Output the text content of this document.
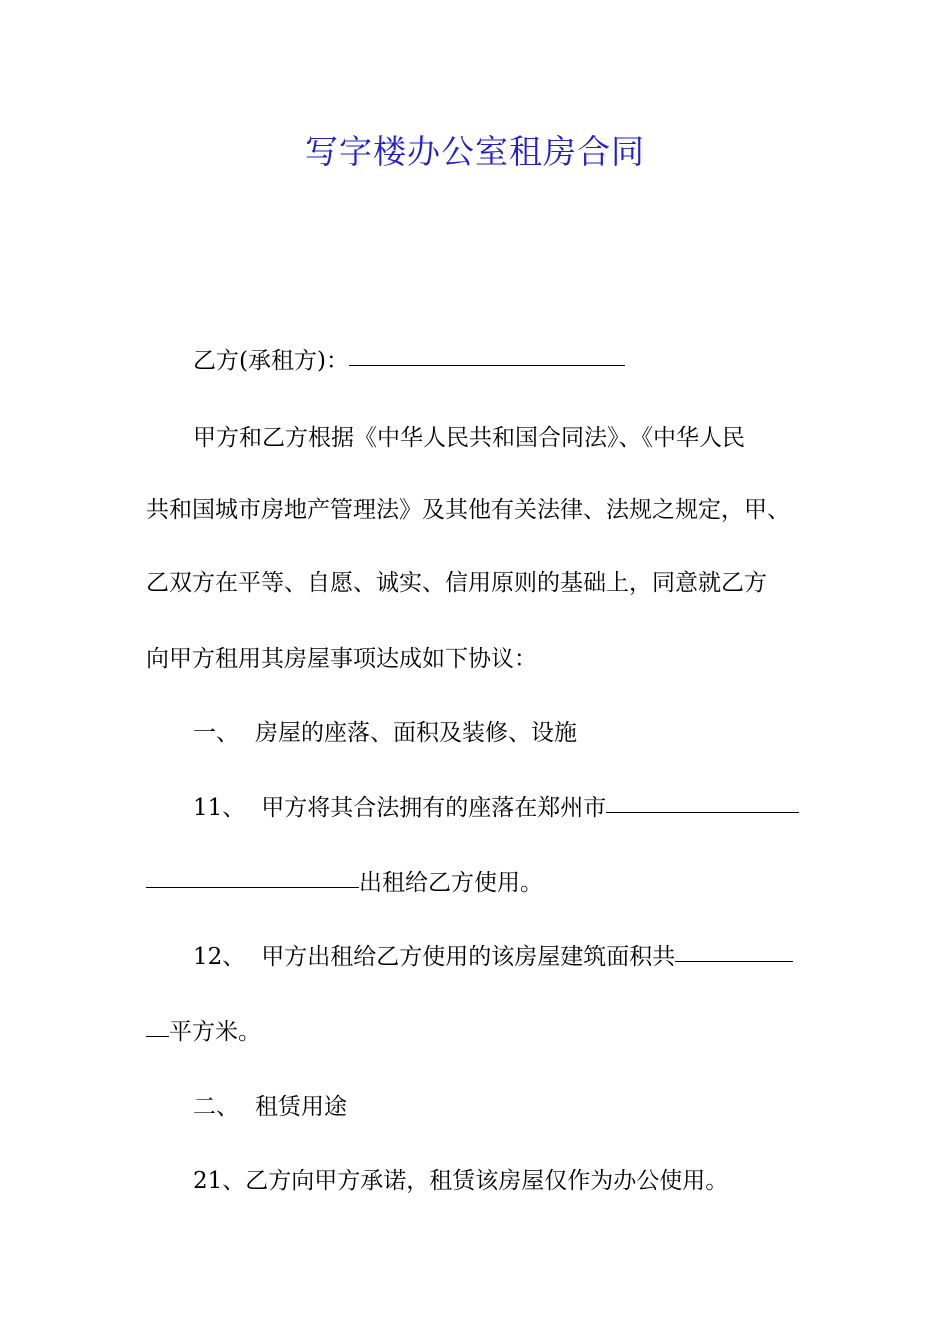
写字楼办公室租房合同
乙方(承租方)：
甲方和乙方根据《中华人民共和国合同法》、《中华人民
共和国城市房地产管理法》及其他有关法律、法规之规定，甲、
乙双方在平等、自愿、诚实、信用原则的基础上，同意就乙方
向甲方租用其房屋事项达成如下协议：
一、 房屋的座落、面积及装修、设施
11、 甲方将其合法拥有的座落在郑州市
出租给乙方使用。
12、 甲方出租给乙方使用的该房屋建筑面积共
平方米。
二、 租赁用途
21、乙方向甲方承诺，租赁该房屋仅作为办公使用。
